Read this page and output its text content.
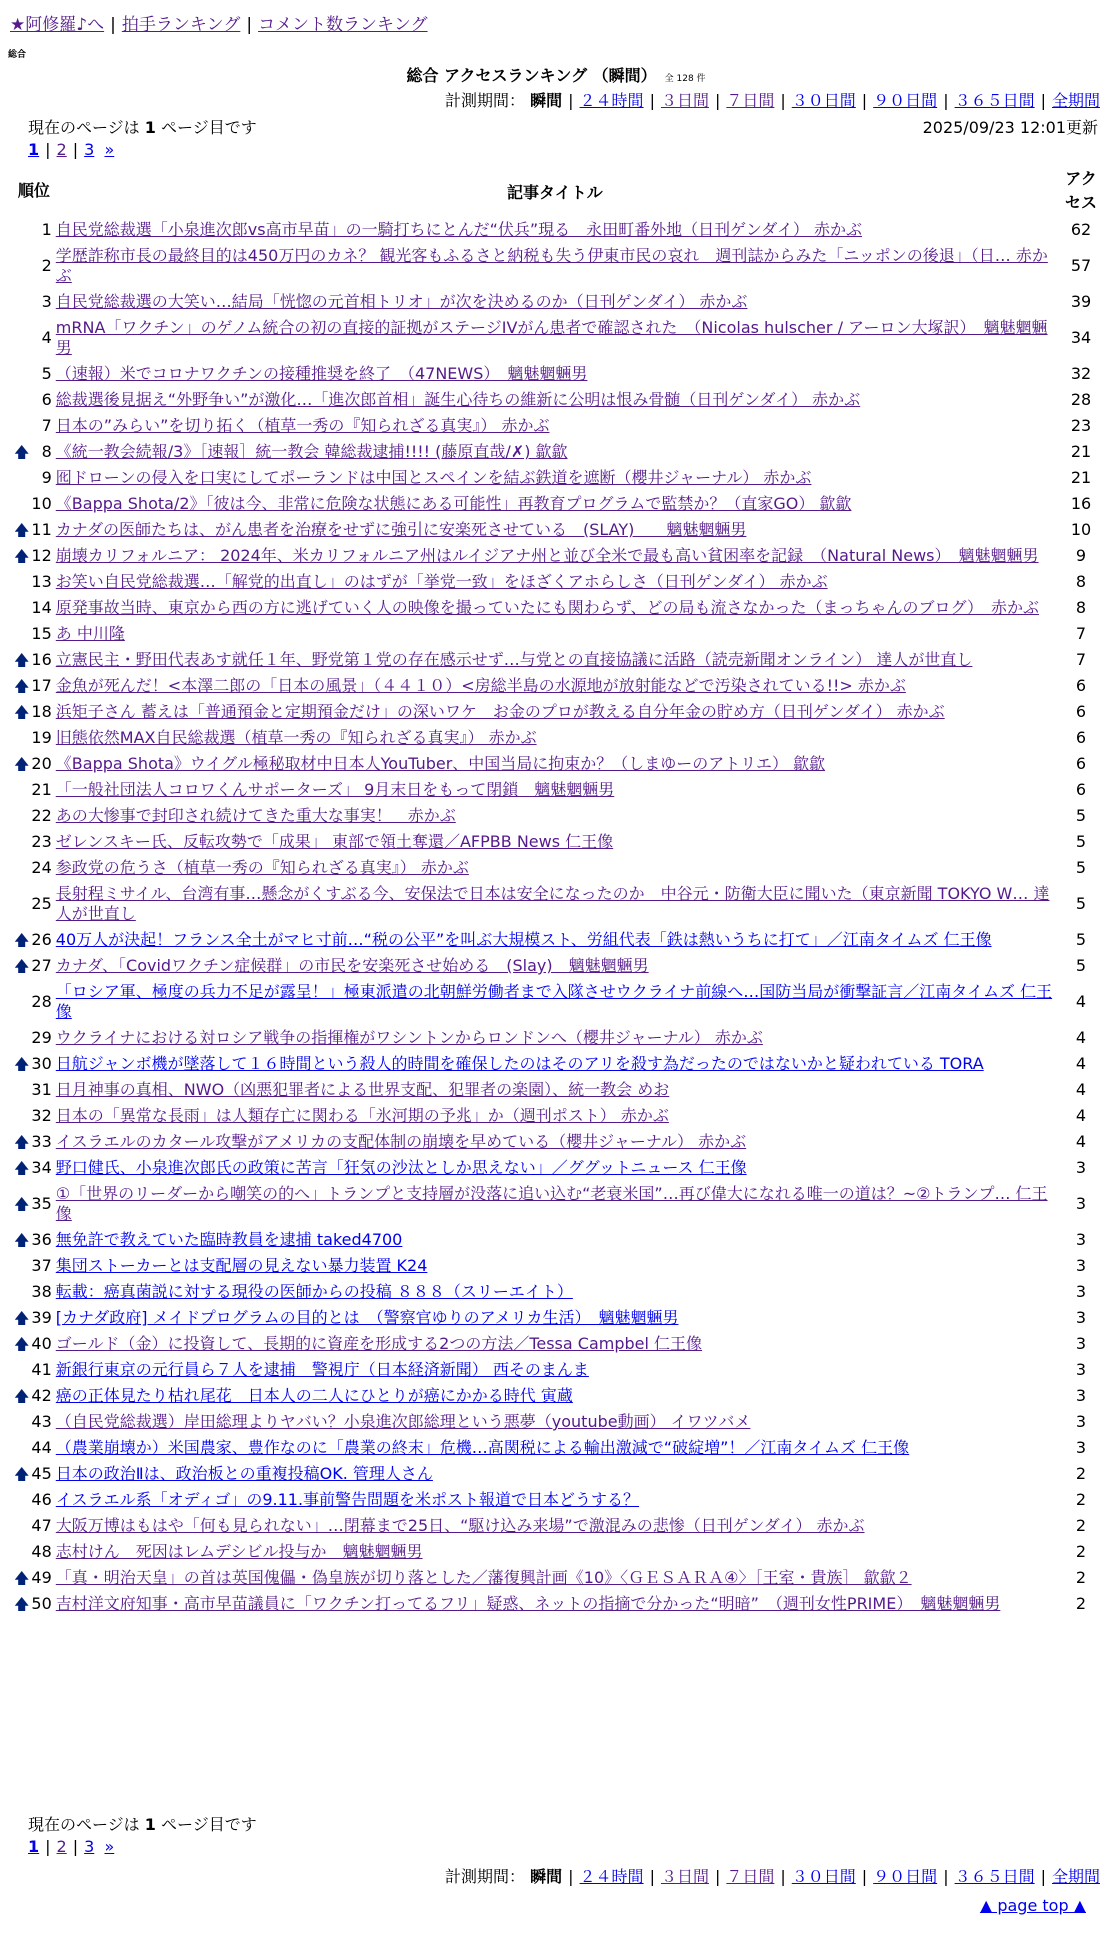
★阿修羅♪へ | 拍手ランキング | コメント数ランキング
総合
総合 アクセスランキング （瞬間） 全 128 件
計測期間： 瞬間 | ２４時間 | ３日間 | ７日間 | ３０日間 | ９０日間 | ３６５日間 | 全期間
現在のページは 1 ページ目です	2025/09/23 12:01更新
1 | 2 | 3 »
順位		記事タイトル	アクセス
	1	自民党総裁選「小泉進次郎vs高市早苗」の一騎打ちにとんだ“伏兵”現る　永田町番外地（日刊ゲンダイ） 赤かぶ	62
	2	学歴詐称市長の最終目的は450万円のカネ？ 観光客もふるさと納税も失う伊東市民の哀れ　週刊誌からみた「ニッポンの後退」（日… 赤かぶ	57
	3	自民党総裁選の大笑い…結局「恍惚の元首相トリオ」が次を決めるのか（日刊ゲンダイ） 赤かぶ	39
	4	mRNA「ワクチン」のゲノム統合の初の直接的証拠がステージIVがん患者で確認された　（Nicolas hulscher / アーロン大塚訳）　魑魅魍魎男	34
	5	（速報）米でコロナワクチンの接種推奨を終了　（47NEWS）　魑魅魍魎男	32
	6	総裁選後見据え“外野争い”が激化…「進次郎首相」誕生心待ちの維新に公明は恨み骨髄（日刊ゲンダイ） 赤かぶ	28
	7	日本の”みらい”を切り拓く（植草一秀の『知られざる真実』） 赤かぶ	23
🡅	8	《統一教会続報/3》［速報］統一教会 韓総裁逮捕!!!! (藤原直哉/✗) 歙歙	21
	9	囮ドローンの侵入を口実にしてポーランドは中国とスペインを結ぶ鉄道を遮断（櫻井ジャーナル） 赤かぶ	21
	10	《Bappa Shota/2》「彼は今、非常に危険な状態にある可能性」再教育プログラムで監禁か？（直家GO） 歙歙	16
🡅	11	カナダの医師たちは、がん患者を治療をせずに強引に安楽死させている　(SLAY)　　魑魅魍魎男	10
🡅	12	崩壊カリフォルニア： 2024年、米カリフォルニア州はルイジアナ州と並び全米で最も高い貧困率を記録　（Natural News）　魑魅魍魎男	9
	13	お笑い自民党総裁選…「解党的出直し」のはずが「挙党一致」をほざくアホらしさ（日刊ゲンダイ） 赤かぶ	8
	14	原発事故当時、東京から西の方に逃げていく人の映像を撮っていたにも関わらず、どの局も流さなかった（まっちゃんのブログ）　赤かぶ	8
	15	あ 中川隆	7
🡅	16	立憲民主・野田代表あす就任１年、野党第１党の存在感示せず…与党との直接協議に活路（読売新聞オンライン） 達人が世直し	7
🡅	17	金魚が死んだ！<本澤二郎の「日本の風景」（４４１０）<房総半島の水源地が放射能などで汚染されている!!> 赤かぶ	6
🡅	18	浜矩子さん 蓄えは「普通預金と定期預金だけ」の深いワケ　お金のプロが教える自分年金の貯め方（日刊ゲンダイ） 赤かぶ	6
	19	旧態依然MAX自民総裁選（植草一秀の『知られざる真実』） 赤かぶ	6
🡅	20	《Bappa Shota》ウイグル極秘取材中日本人YouTuber、中国当局に拘束か？（しまゆーのアトリエ） 歙歙	6
	21	「一般社団法人コロワくんサポーターズ」 9月末日をもって閉鎖　魑魅魍魎男	6
	22	あの大惨事で封印され続けてきた重大な事実！　赤かぶ	5
	23	ゼレンスキー氏、反転攻勢で「成果」 東部で領土奪還／AFPBB News 仁王像	5
	24	参政党の危うさ（植草一秀の『知られざる真実』） 赤かぶ	5
	25	長射程ミサイル、台湾有事…懸念がくすぶる今、安保法で日本は安全になったのか　中谷元・防衛大臣に聞いた（東京新聞 TOKYO W… 達人が世直し	5
🡅	26	40万人が決起！フランス全土がマヒ寸前…“税の公平”を叫ぶ大規模スト、労組代表「鉄は熱いうちに打て」／江南タイムズ 仁王像	5
🡅	27	カナダ、「Covidワクチン症候群」の市民を安楽死させ始める　(Slay)　魑魅魍魎男	5
	28	「ロシア軍、極度の兵力不足が露呈！」極東派遣の北朝鮮労働者まで入隊させウクライナ前線へ…国防当局が衝撃証言／江南タイムズ 仁王像	4
	29	ウクライナにおける対ロシア戦争の指揮権がワシントンからロンドンへ（櫻井ジャーナル） 赤かぶ	4
🡅	30	日航ジャンボ機が墜落して１６時間という殺人的時間を確保したのはそのアリを殺す為だったのではないかと疑われている TORA	4
	31	日月神事の真相、NWO（凶悪犯罪者による世界支配、犯罪者の楽園）、統一教会 めお	4
	32	日本の「異常な長雨」は人類存亡に関わる「氷河期の予兆」か（週刊ポスト） 赤かぶ	4
🡅	33	イスラエルのカタール攻撃がアメリカの支配体制の崩壊を早めている（櫻井ジャーナル） 赤かぶ	4
🡅	34	野口健氏、小泉進次郎氏の政策に苦言「狂気の沙汰としか思えない」／ググットニュース 仁王像	3
🡅	35	①「世界のリーダーから嘲笑の的へ」トランプと支持層が没落に追い込む“老衰米国”…再び偉大になれる唯一の道は？~②トランプ… 仁王像	3
🡅	36	無免許で教えていた臨時教員を逮捕 taked4700	3
	37	集団ストーカーとは支配層の見えない暴力装置 K24	3
	38	転載：癌真菌説に対する現役の医師からの投稿 ８８８（スリーエイト）	3
🡅	39	[カナダ政府] メイドプログラムの目的とは　（警察官ゆりのアメリカ生活）　魑魅魍魎男	3
🡅	40	ゴールド（金）に投資して、長期的に資産を形成する2つの方法／Tessa Campbel 仁王像	3
	41	新銀行東京の元行員ら７人を逮捕　警視庁（日本経済新聞） 西そのまんま	3
🡅	42	癌の正体見たり枯れ尾花　日本人の二人にひとりが癌にかかる時代 寅蔵	3
	43	（自民党総裁選）岸田総理よりヤバい？小泉進次郎総理という悪夢（youtube動画） イワツバメ	3
	44	（農業崩壊か）米国農家、豊作なのに「農業の終末」危機…高関税による輸出激減で“破綻増”！／江南タイムズ 仁王像	3
🡅	45	日本の政治Ⅱは、政治板との重複投稿OK. 管理人さん	2
	46	イスラエル系「オディゴ」の9.11.事前警告問題を米ポスト報道で日本どうする？	2
	47	大阪万博はもはや「何も見られない」…閉幕まで25日、“駆け込み来場”で激混みの悲惨（日刊ゲンダイ） 赤かぶ	2
	48	志村けん　死因はレムデシビル投与か　魑魅魍魎男	2
🡅	49	「真・明治天皇」の首は英国傀儡・偽皇族が切り落とした／藩復興計画《10》〈ＧＥＳＡＲＡ④〉［王室・貴族］ 歙歙２	2
🡅	50	吉村洋文府知事・高市早苗議員に「ワクチン打ってるフリ」疑惑、ネットの指摘で分かった“明暗”　（週刊女性PRIME）　魑魅魍魎男	2
現在のページは 1 ページ目です
1 | 2 | 3 »
計測期間： 瞬間 | ２４時間 | ３日間 | ７日間 | ３０日間 | ９０日間 | ３６５日間 | 全期間
▲ page top ▲
